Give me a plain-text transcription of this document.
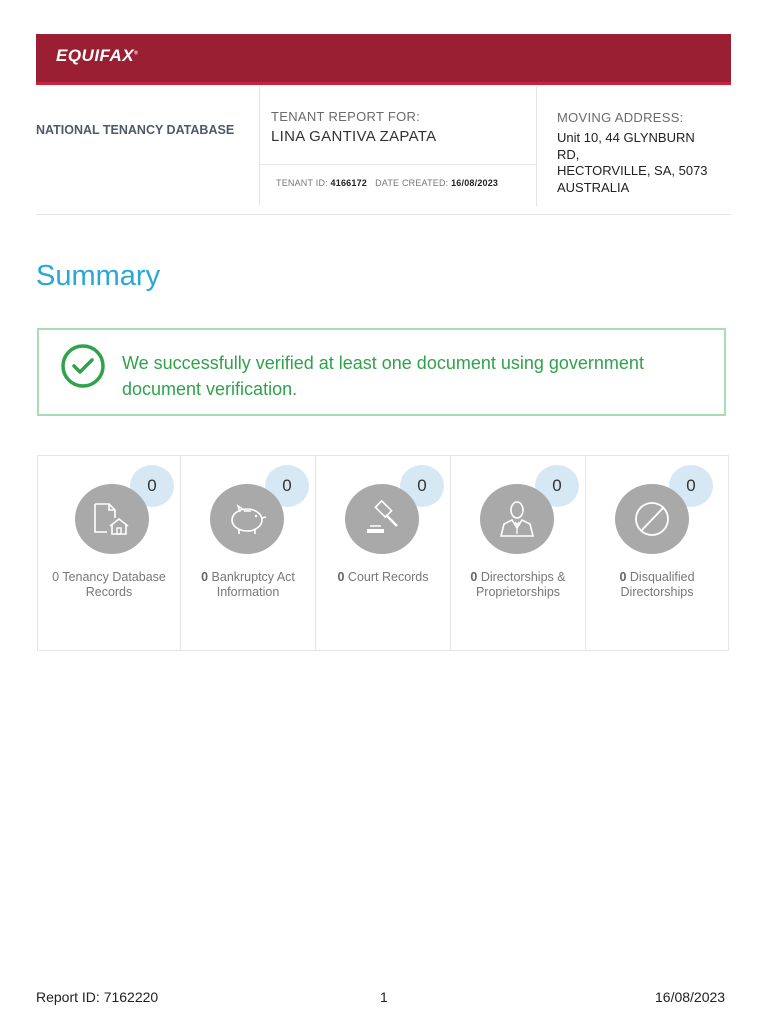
EQUIFAX®
NATIONAL TENANCY DATABASE
TENANT REPORT FOR:
LINA GANTIVA ZAPATA
TENANT ID: 4166172 DATE CREATED: 16/08/2023
MOVING ADDRESS:
Unit 10, 44 GLYNBURN
RD,
HECTORVILLE, SA, 5073
AUSTRALIA
Summary
We successfully verified at least one document using government document verification.
0
0 Tenancy Database Records
0
0 Bankruptcy Act Information
0
0 Court Records
0
0 Directorships & Proprietorships
0
0 Disqualified Directorships
Report ID: 7162220	1	16/08/2023
